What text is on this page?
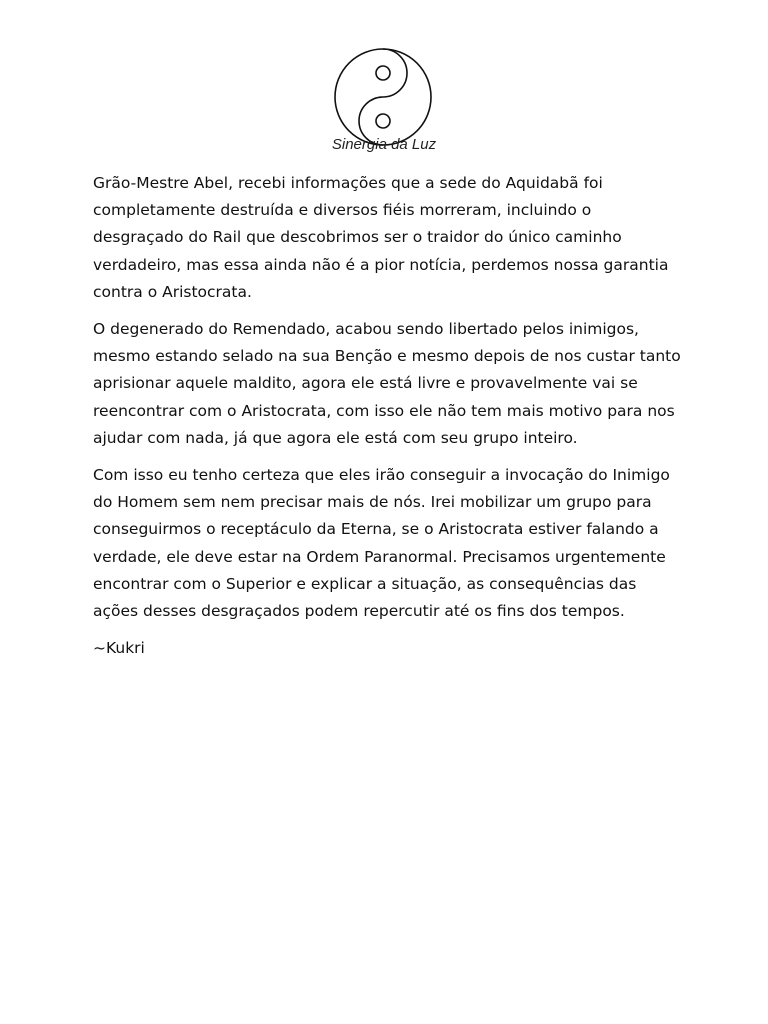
Sinergia da Luz

Grão-Mestre Abel, recebi informações que a sede do Aquidabã foi completamente destruída e diversos fiéis morreram, incluindo o desgraçado do Rail que descobrimos ser o traidor do único caminho verdadeiro, mas essa ainda não é a pior notícia, perdemos nossa garantia contra o Aristocrata.

O degenerado do Remendado, acabou sendo libertado pelos inimigos, mesmo estando selado na sua Benção e mesmo depois de nos custar tanto aprisionar aquele maldito, agora ele está livre e provavelmente vai se reencontrar com o Aristocrata, com isso ele não tem mais motivo para nos ajudar com nada, já que agora ele está com seu grupo inteiro.

Com isso eu tenho certeza que eles irão conseguir a invocação do Inimigo do Homem sem nem precisar mais de nós. Irei mobilizar um grupo para conseguirmos o receptáculo da Eterna, se o Aristocrata estiver falando a verdade, ele deve estar na Ordem Paranormal. Precisamos urgentemente encontrar com o Superior e explicar a situação, as consequências das ações desses desgraçados podem repercutir até os fins dos tempos.

~Kukri
